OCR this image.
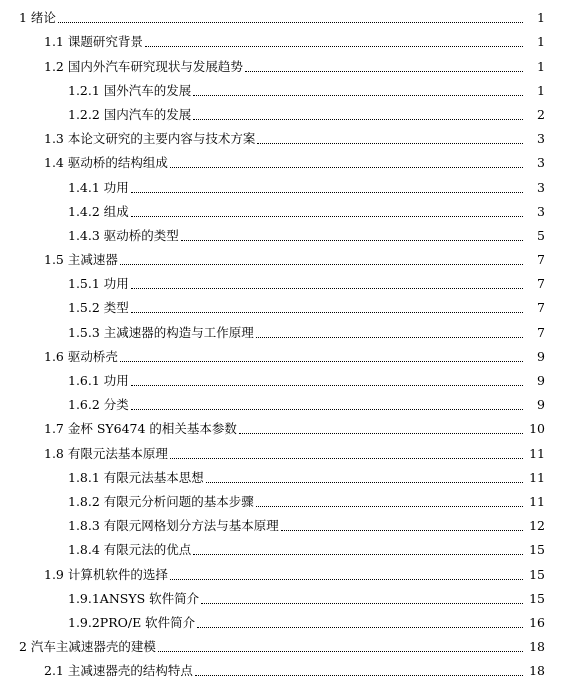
1 绪论	1
1.1 课题研究背景	1
1.2 国内外汽车研究现状与发展趋势	1
1.2.1 国外汽车的发展	1
1.2.2 国内汽车的发展	2
1.3 本论文研究的主要内容与技术方案	3
1.4 驱动桥的结构组成	3
1.4.1 功用	3
1.4.2 组成	3
1.4.3 驱动桥的类型	5
1.5 主减速器	7
1.5.1 功用	7
1.5.2 类型	7
1.5.3 主减速器的构造与工作原理	7
1.6 驱动桥壳	9
1.6.1 功用	9
1.6.2 分类	9
1.7 金杯 SY6474 的相关基本参数	10
1.8 有限元法基本原理	11
1.8.1 有限元法基本思想	11
1.8.2 有限元分析问题的基本步骤	11
1.8.3 有限元网格划分方法与基本原理	12
1.8.4 有限元法的优点	15
1.9 计算机软件的选择	15
1.9.1ANSYS 软件简介	15
1.9.2PRO/E 软件简介	16
2 汽车主减速器壳的建模	18
2.1 主减速器壳的结构特点	18
